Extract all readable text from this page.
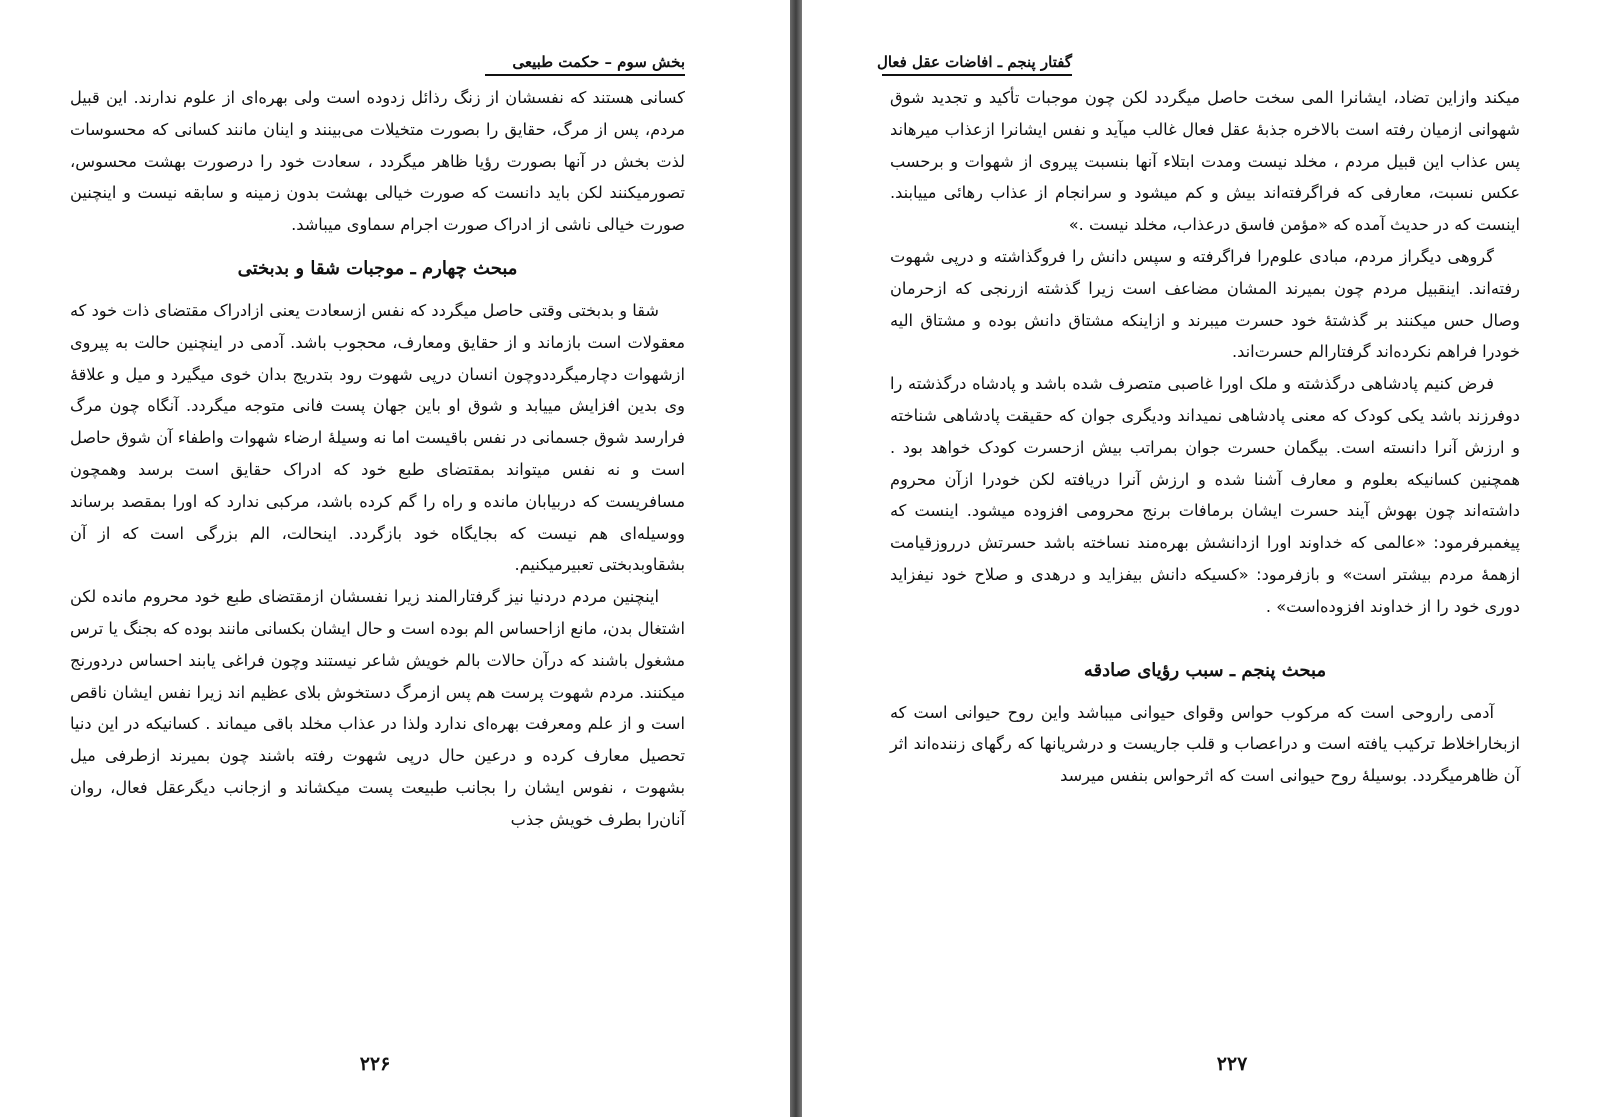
بخش سوم – حکمت طبیعی

کسانی هستند که نفسشان از زنگ رذائل زدوده است ولی بهره‌ای از علوم ندارند. این قبیل مردم، پس از مرگ، حقایق را بصورت متخیلات می‌بینند و اینان مانند کسانی که محسوسات لذت بخش در آنها بصورت رؤیا ظاهر میگردد ، سعادت خود را درصورت بهشت محسوس، تصورمیکنند لکن باید دانست که صورت خیالی بهشت بدون زمینه و سابقه نیست و اینچنین صورت خیالی ناشی از ادراک صورت اجرام سماوی میباشد.

مبحث چهارم ـ موجبات شقا و بدبختی

شقا و بدبختی وقتی حاصل میگردد که نفس ازسعادت یعنی ازادراک مقتضای ذات خود که معقولات است بازماند و از حقایق ومعارف، محجوب باشد. آدمی در اینچنین حالت به پیروی ازشهوات دچارمیگرددوچون انسان درپی شهوت رود بتدریج بدان خوی میگیرد و میل و علاقهٔ وی بدین افزایش مییابد و شوق او باین جهان پست فانی متوجه میگردد. آنگاه چون مرگ فرارسد شوق جسمانی در نفس باقیست اما نه وسیلهٔ ارضاء شهوات واطفاء آن شوق حاصل است و نه نفس میتواند بمقتضای طبع خود که ادراک حقایق است برسد وهمچون مسافریست که دربیابان مانده و راه را گم کرده باشد، مرکبی ندارد که اورا بمقصد برساند ووسیله‌ای هم نیست که بجایگاه خود بازگردد. اینحالت، الم بزرگی است که از آن بشقاوبدبختی تعبیرمیکنیم.

اینچنین مردم دردنیا نیز گرفتارالمند زیرا نفسشان ازمقتضای طبع خود محروم مانده لکن اشتغال بدن، مانع ازاحساس الم بوده است و حال ایشان بکسانی مانند بوده که بجنگ یا ترس مشغول باشند که درآن حالات بالم خویش شاعر نیستند وچون فراغی یابند احساس دردورنج میکنند. مردم شهوت پرست هم پس ازمرگ دستخوش بلای عظیم اند زیرا نفس ایشان ناقص است و از علم ومعرفت بهره‌ای ندارد ولذا در عذاب مخلد باقی میماند . کسانیکه در این دنیا تحصیل معارف کرده و درعین حال درپی شهوت رفته باشند چون بمیرند ازطرفی میل بشهوت ، نفوس ایشان را بجانب طبیعت پست میکشاند و ازجانب دیگرعقل فعال، روان آنان‌را بطرف خویش جذب

۲۲۶
گفتار پنجم ـ افاضات عقل فعال

میکند وازاین تضاد، ایشانرا المی سخت حاصل میگردد لکن چون موجبات تأکید و تجدید شوق شهوانی ازمیان رفته است بالاخره جذبهٔ عقل فعال غالب میآید و نفس ایشانرا ازعذاب میرهاند پس عذاب این قبیل مردم ، مخلد نیست ومدت ابتلاء آنها بنسبت پیروی از شهوات و برحسب عکس نسبت، معارفی که فراگرفته‌اند بیش و کم میشود و سرانجام از عذاب رهائی مییابند. اینست که در حدیث آمده که «مؤمن فاسق درعذاب، مخلد نیست .»

گروهی دیگراز مردم، مبادی علوم‌را فراگرفته و سپس دانش را فروگذاشته و درپی شهوت رفته‌اند. اینقبیل مردم چون بمیرند المشان مضاعف است زیرا گذشته ازرنجی که ازحرمان وصال حس میکنند بر گذشتهٔ خود حسرت میبرند و ازاینکه مشتاق دانش بوده و مشتاق الیه خودرا فراهم نکرده‌اند گرفتارالم حسرت‌اند.

فرض کنیم پادشاهی درگذشته و ملک اورا غاصبی متصرف شده باشد و پادشاه درگذشته را دوفرزند باشد یکی کودک که معنی پادشاهی نمیداند ودیگری جوان که حقیقت پادشاهی شناخته و ارزش آنرا دانسته است. بیگمان حسرت جوان بمراتب بیش ازحسرت کودک خواهد بود . همچنین کسانیکه بعلوم و معارف آشنا شده و ارزش آنرا دریافته لکن خودرا ازآن محروم داشته‌اند چون بهوش آیند حسرت ایشان برمافات برنج محرومی افزوده میشود. اینست که پیغمبرفرمود: «عالمی که خداوند اورا ازدانشش بهره‌مند نساخته باشد حسرتش درروزقیامت ازهمهٔ مردم بیشتر است» و بازفرمود: «کسیکه دانش بیفزاید و درهدی و صلاح خود نیفزاید دوری خود را از خداوند افزوده‌است» .

مبحث پنجم ـ سبب رؤیای صادقه

آدمی راروحی است که مرکوب حواس وقوای حیوانی میباشد واین روح حیوانی است که ازبخاراخلاط ترکیب یافته است و دراعصاب و قلب جاریست و درشریانها که رگهای زننده‌اند اثر آن ظاهرمیگردد. بوسیلهٔ روح حیوانی است که اثرحواس بنفس میرسد

۲۲۷
